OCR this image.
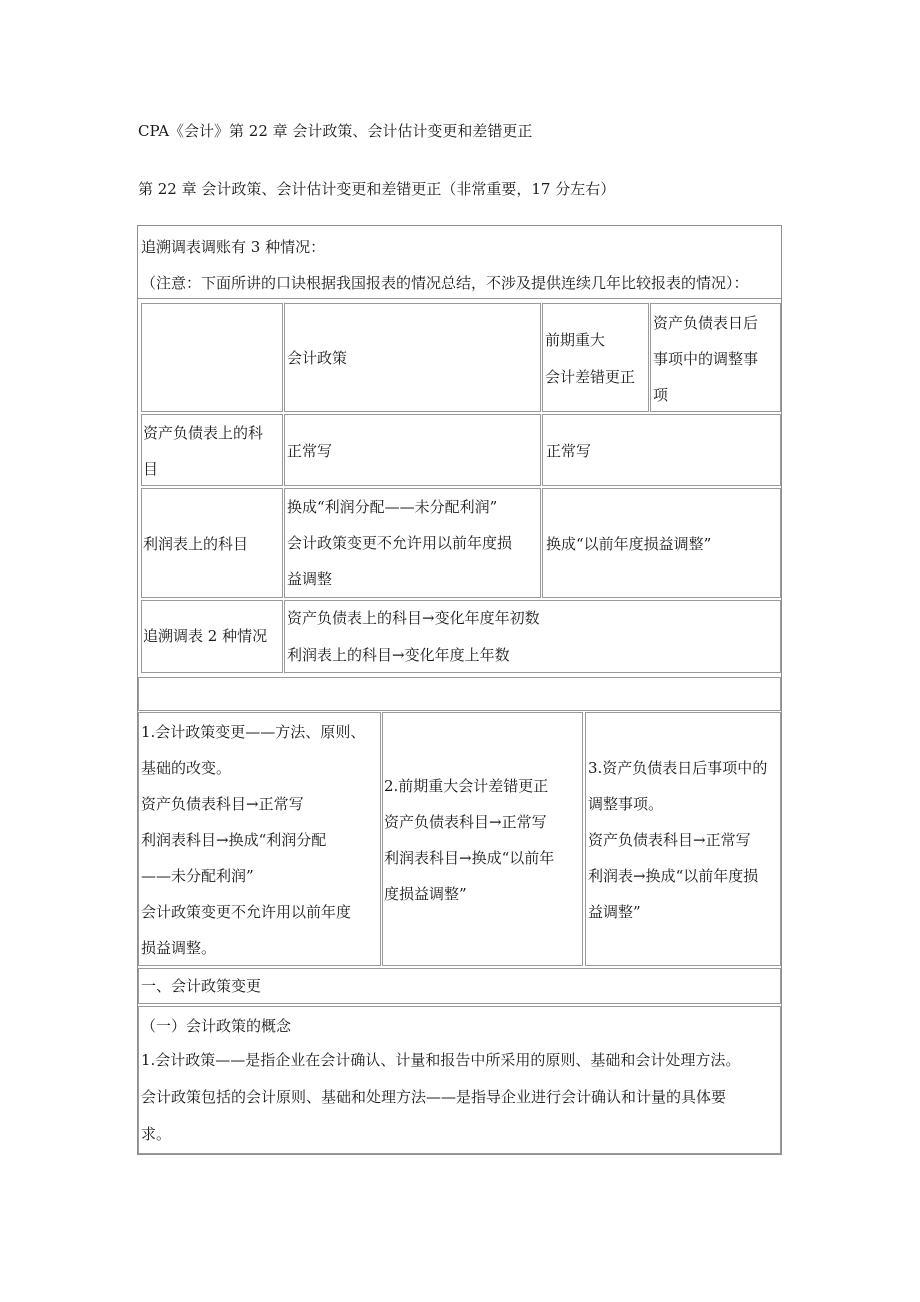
CPA《会计》第 22 章 会计政策、会计估计变更和差错更正
第 22 章 会计政策、会计估计变更和差错更正（非常重要，17 分左右）
追溯调表调账有 3 种情况：
（注意：下面所讲的口诀根据我国报表的情况总结，不涉及提供连续几年比较报表的情况）：
会计政策
前期重大
会计差错更正
资产负债表日后
事项中的调整事
项
资产负债表上的科
目
正常写	正常写
利润表上的科目
换成“利润分配——未分配利润”
会计政策变更不允许用以前年度损
益调整
换成“以前年度损益调整”
追溯调表 2 种情况
资产负债表上的科目→变化年度年初数
利润表上的科目→变化年度上年数
1.会计政策变更——方法、原则、
基础的改变。
资产负债表科目→正常写
利润表科目→换成“利润分配
——未分配利润”
会计政策变更不允许用以前年度
损益调整。
2.前期重大会计差错更正
资产负债表科目→正常写
利润表科目→换成“以前年
度损益调整”
3.资产负债表日后事项中的
调整事项。
资产负债表科目→正常写
利润表→换成“以前年度损
益调整”
一、会计政策变更
（一）会计政策的概念
1.会计政策——是指企业在会计确认、计量和报告中所采用的原则、基础和会计处理方法。
会计政策包括的会计原则、基础和处理方法——是指导企业进行会计确认和计量的具体要
求。
